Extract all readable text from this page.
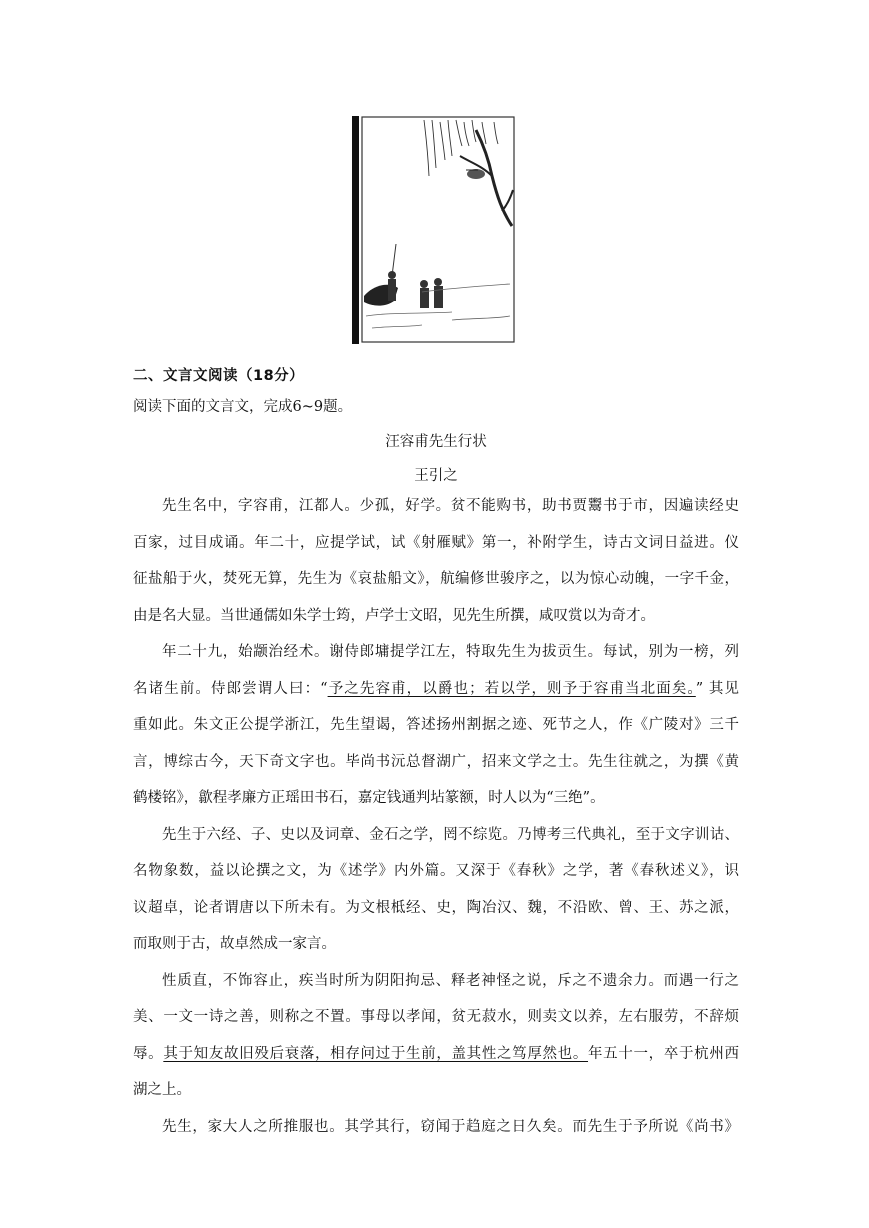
二、文言文阅读（18分）
阅读下面的文言文，完成6~9题。
汪容甫先生行状
王引之
先生名中，字容甫，江都人。少孤，好学。贫不能购书，助书贾鬻书于市，因遍读经史
百家，过目成诵。年二十，应提学试，试《射雁赋》第一，补附学生，诗古文词日益进。仪
征盐船于火，焚死无算，先生为《哀盐船文》，航编修世骏序之，以为惊心动魄，一字千金，
由是名大显。当世通儒如朱学士筠，卢学士文昭，见先生所撰，咸叹赏以为奇才。
年二十九，始颛治经术。谢侍郎墉提学江左，特取先生为拔贡生。每试，别为一榜，列
名诸生前。侍郎尝谓人曰：“予之先容甫，以爵也；若以学，则予于容甫当北面矣。” 其见
重如此。朱文正公提学浙江，先生望谒，答述扬州割据之迹、死节之人，作《广陵对》三千
言，博综古今，天下奇文字也。毕尚书沅总督湖广，招来文学之士。先生往就之，为撰《黄
鹤楼铭》，歙程孝廉方正瑶田书石，嘉定钱通判坫篆额，时人以为“三绝”。
先生于六经、子、史以及词章、金石之学，罔不综览。乃博考三代典礼，至于文字训诂、
名物象数，益以论撰之文，为《述学》内外篇。又深于《春秋》之学，著《春秋述义》，识
议超卓，论者谓唐以下所未有。为文根柢经、史，陶冶汉、魏，不沿欧、曾、王、苏之派，
而取则于古，故卓然成一家言。
性质直，不饰容止，疾当时所为阴阳拘忌、释老神怪之说，斥之不遗余力。而遇一行之
美、一文一诗之善，则称之不置。事母以孝闻，贫无菽水，则卖文以养，左右服劳，不辞烦
辱。其于知友故旧殁后衰落，相存问过于生前，盖其性之笃厚然也。年五十一，卒于杭州西
湖之上。
先生，家大人之所推服也。其学其行，窃闻于趋庭之日久矣。而先生于予所说《尚书》
